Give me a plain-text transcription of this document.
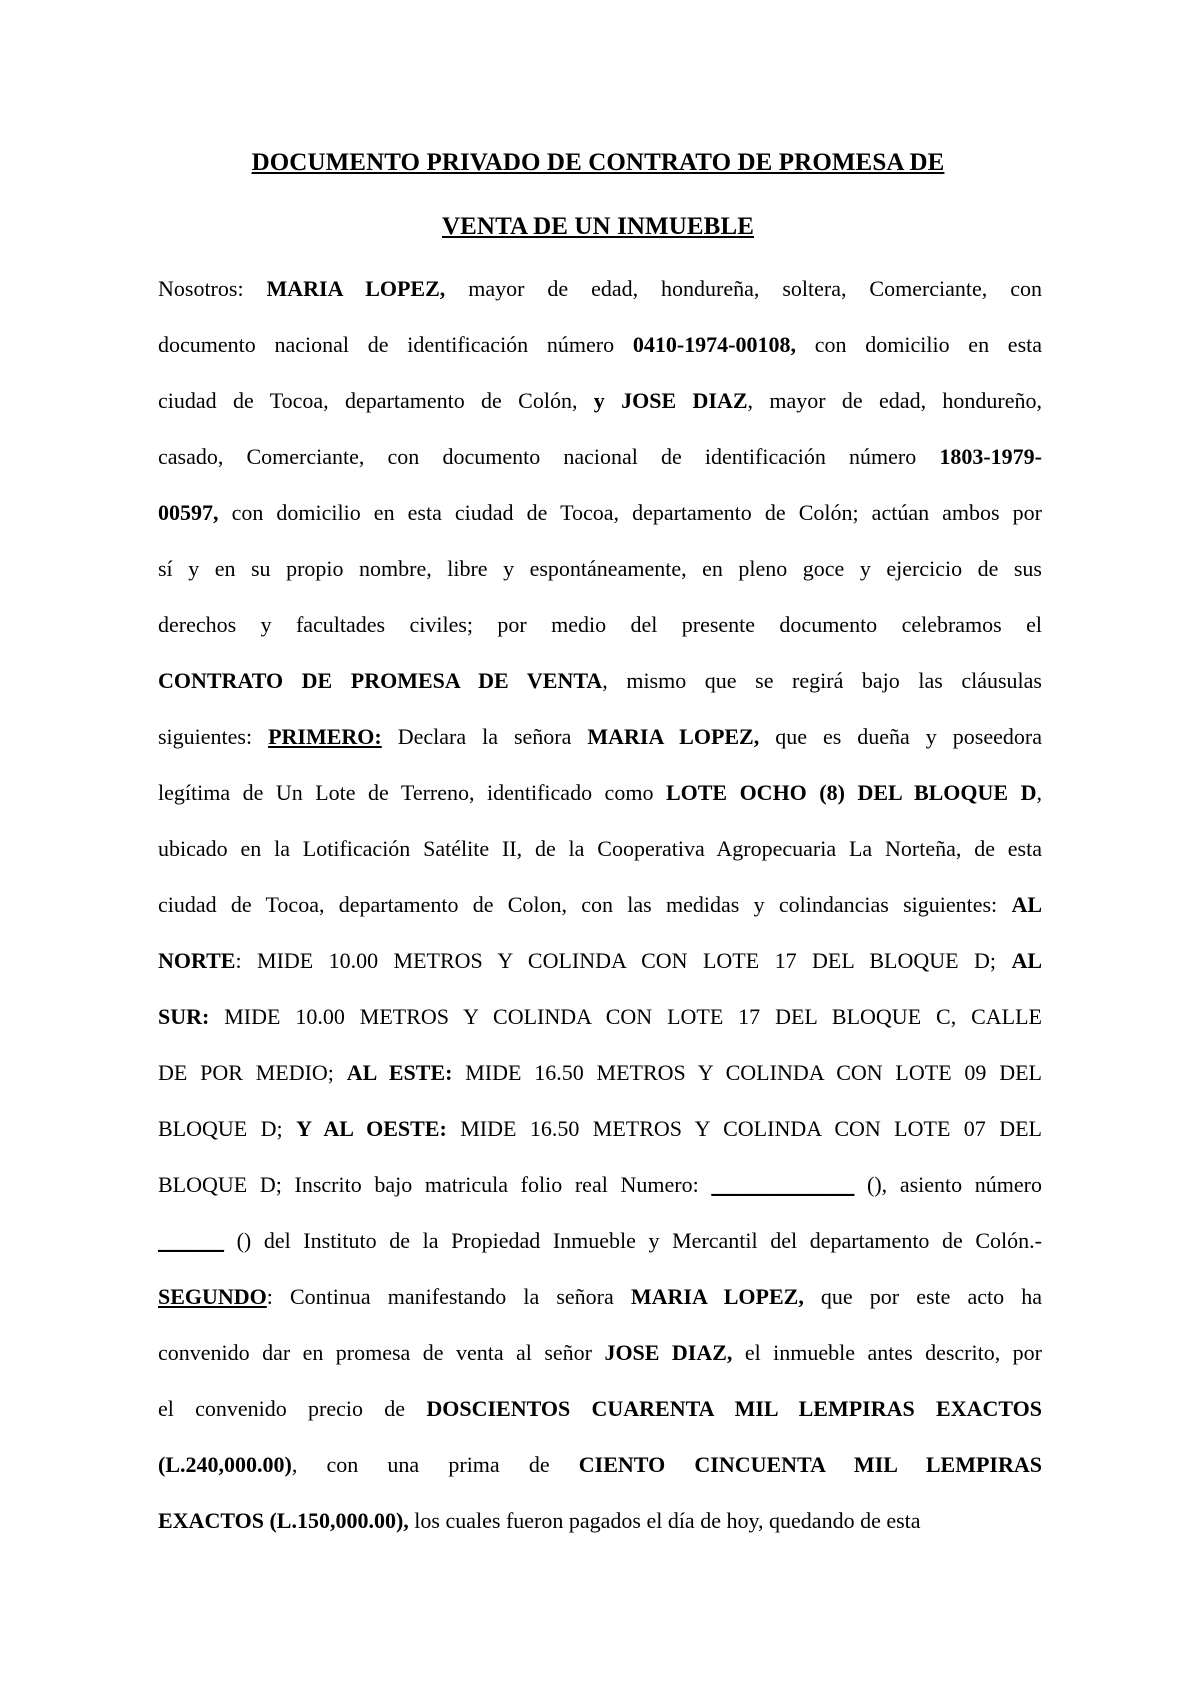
DOCUMENTO PRIVADO DE CONTRATO DE PROMESA DE
VENTA DE UN INMUEBLE
Nosotros: MARIA LOPEZ, mayor de edad, hondureña, soltera, Comerciante, con
documento nacional de identificación número 0410-1974-00108, con domicilio en esta
ciudad de Tocoa, departamento de Colón, y JOSE DIAZ, mayor de edad, hondureño,
casado, Comerciante, con documento nacional de identificación número 1803-1979-
00597, con domicilio en esta ciudad de Tocoa, departamento de Colón; actúan ambos por
sí y en su propio nombre, libre y espontáneamente, en pleno goce y ejercicio de sus
derechos y facultades civiles; por medio del presente documento celebramos el
CONTRATO DE PROMESA DE VENTA, mismo que se regirá bajo las cláusulas
siguientes: PRIMERO: Declara la señora MARIA LOPEZ, que es dueña y poseedora
legítima de Un Lote de Terreno, identificado como LOTE OCHO (8) DEL BLOQUE D,
ubicado en la Lotificación Satélite II, de la Cooperativa Agropecuaria La Norteña, de esta
ciudad de Tocoa, departamento de Colon, con las medidas y colindancias siguientes: AL
NORTE: MIDE 10.00 METROS Y COLINDA CON LOTE 17 DEL BLOQUE D; AL
SUR: MIDE 10.00 METROS Y COLINDA CON LOTE 17 DEL BLOQUE C, CALLE
DE POR MEDIO; AL ESTE: MIDE 16.50 METROS Y COLINDA CON LOTE 09 DEL
BLOQUE D; Y AL OESTE: MIDE 16.50 METROS Y COLINDA CON LOTE 07 DEL
BLOQUE D; Inscrito bajo matricula folio real Numero: _____________ (), asiento número
______ () del Instituto de la Propiedad Inmueble y Mercantil del departamento de Colón.-
SEGUNDO: Continua manifestando la señora MARIA LOPEZ, que por este acto ha
convenido dar en promesa de venta al señor JOSE DIAZ, el inmueble antes descrito, por
el convenido precio de DOSCIENTOS CUARENTA MIL LEMPIRAS EXACTOS
(L.240,000.00), con una prima de CIENTO CINCUENTA MIL LEMPIRAS
EXACTOS (L.150,000.00), los cuales fueron pagados el día de hoy, quedando de esta
